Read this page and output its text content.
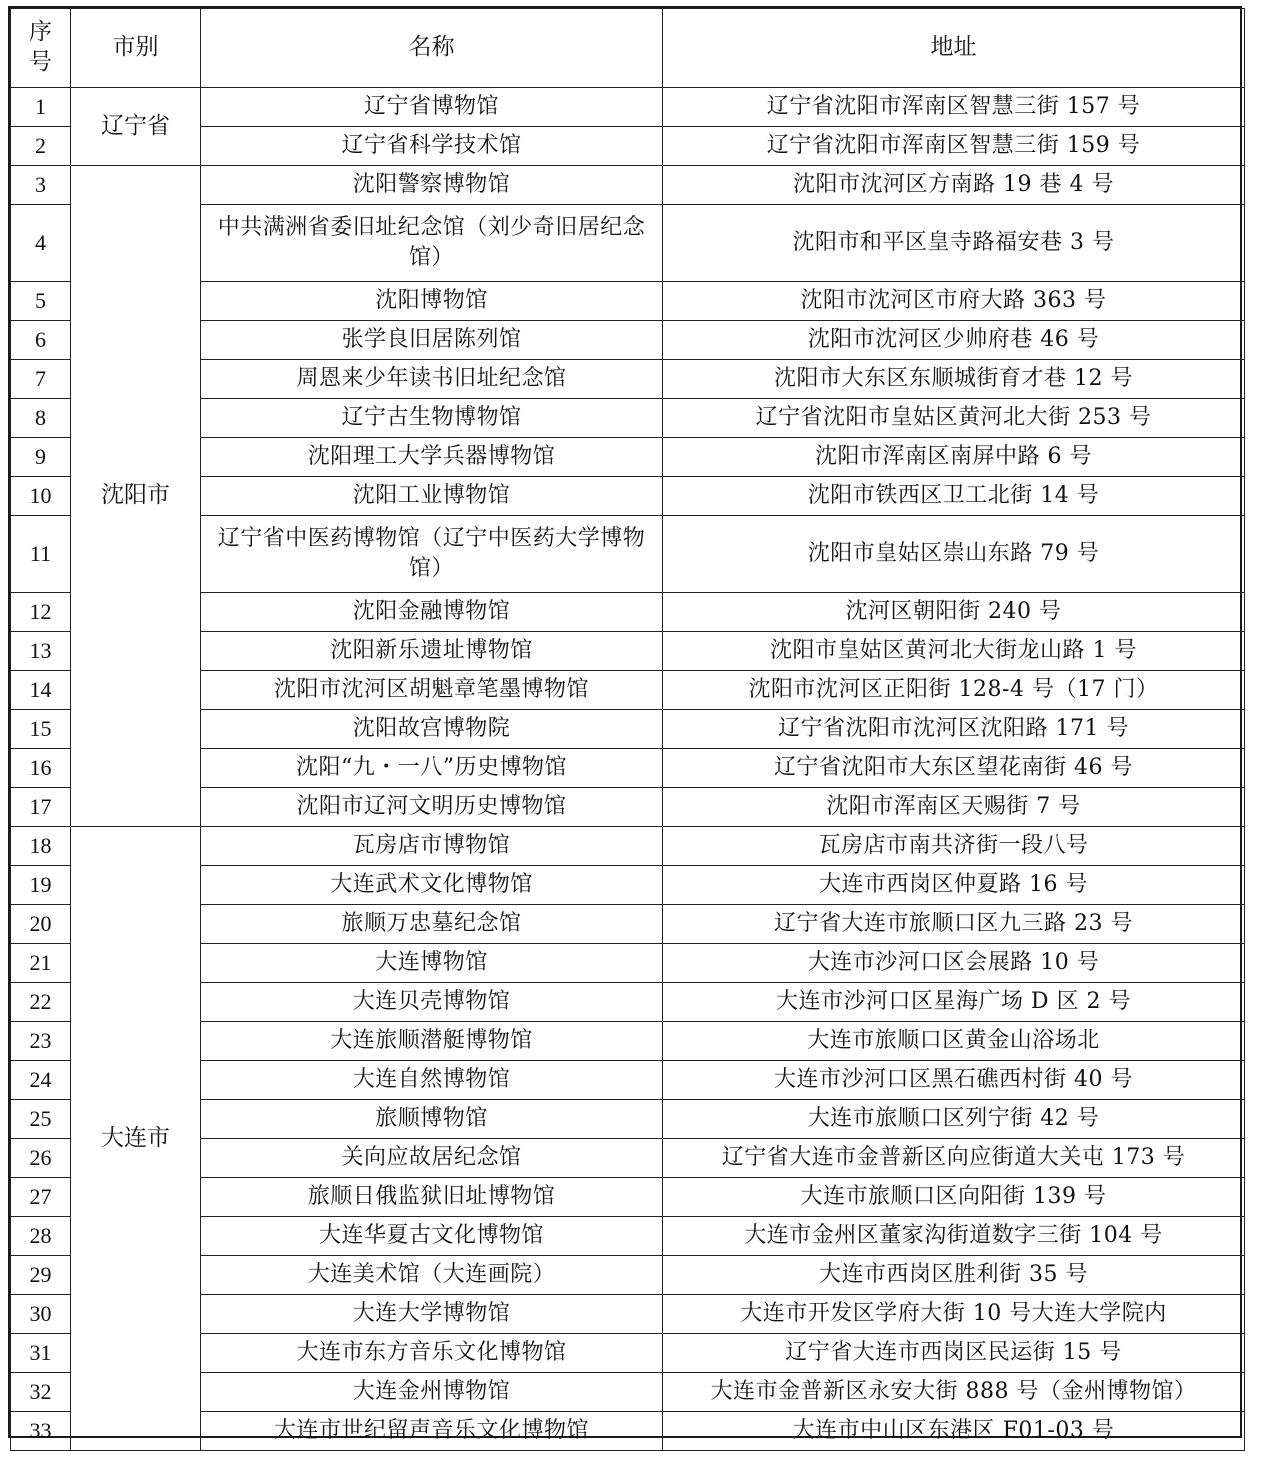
序
号	市别	名称	地址
1	辽宁省	辽宁省博物馆	辽宁省沈阳市浑南区智慧三街 157 号
2		辽宁省科学技术馆	辽宁省沈阳市浑南区智慧三街 159 号
3	沈阳市	沈阳警察博物馆	沈阳市沈河区方南路 19 巷 4 号
4		中共满洲省委旧址纪念馆（刘少奇旧居纪念馆）	沈阳市和平区皇寺路福安巷 3 号
5		沈阳博物馆	沈阳市沈河区市府大路 363 号
6		张学良旧居陈列馆	沈阳市沈河区少帅府巷 46 号
7		周恩来少年读书旧址纪念馆	沈阳市大东区东顺城街育才巷 12 号
8		辽宁古生物博物馆	辽宁省沈阳市皇姑区黄河北大街 253 号
9		沈阳理工大学兵器博物馆	沈阳市浑南区南屏中路 6 号
10		沈阳工业博物馆	沈阳市铁西区卫工北街 14 号
11		辽宁省中医药博物馆（辽宁中医药大学博物馆）	沈阳市皇姑区崇山东路 79 号
12		沈阳金融博物馆	沈河区朝阳街 240 号
13		沈阳新乐遗址博物馆	沈阳市皇姑区黄河北大街龙山路 1 号
14		沈阳市沈河区胡魁章笔墨博物馆	沈阳市沈河区正阳街 128-4 号（17 门）
15		沈阳故宫博物院	辽宁省沈阳市沈河区沈阳路 171 号
16		沈阳“九・一八”历史博物馆	辽宁省沈阳市大东区望花南街 46 号
17		沈阳市辽河文明历史博物馆	沈阳市浑南区天赐街 7 号
18	大连市	瓦房店市博物馆	瓦房店市南共济街一段八号
19		大连武术文化博物馆	大连市西岗区仲夏路 16 号
20		旅顺万忠墓纪念馆	辽宁省大连市旅顺口区九三路 23 号
21		大连博物馆	大连市沙河口区会展路 10 号
22		大连贝壳博物馆	大连市沙河口区星海广场 D 区 2 号
23		大连旅顺潜艇博物馆	大连市旅顺口区黄金山浴场北
24		大连自然博物馆	大连市沙河口区黑石礁西村街 40 号
25		旅顺博物馆	大连市旅顺口区列宁街 42 号
26		关向应故居纪念馆	辽宁省大连市金普新区向应街道大关屯 173 号
27		旅顺日俄监狱旧址博物馆	大连市旅顺口区向阳街 139 号
28		大连华夏古文化博物馆	大连市金州区董家沟街道数字三街 104 号
29		大连美术馆（大连画院）	大连市西岗区胜利街 35 号
30		大连大学博物馆	大连市开发区学府大街 10 号大连大学院内
31		大连市东方音乐文化博物馆	辽宁省大连市西岗区民运街 15 号
32		大连金州博物馆	大连市金普新区永安大街 888 号（金州博物馆）
33		大连市世纪留声音乐文化博物馆	大连市中山区东港区 F01-03 号
